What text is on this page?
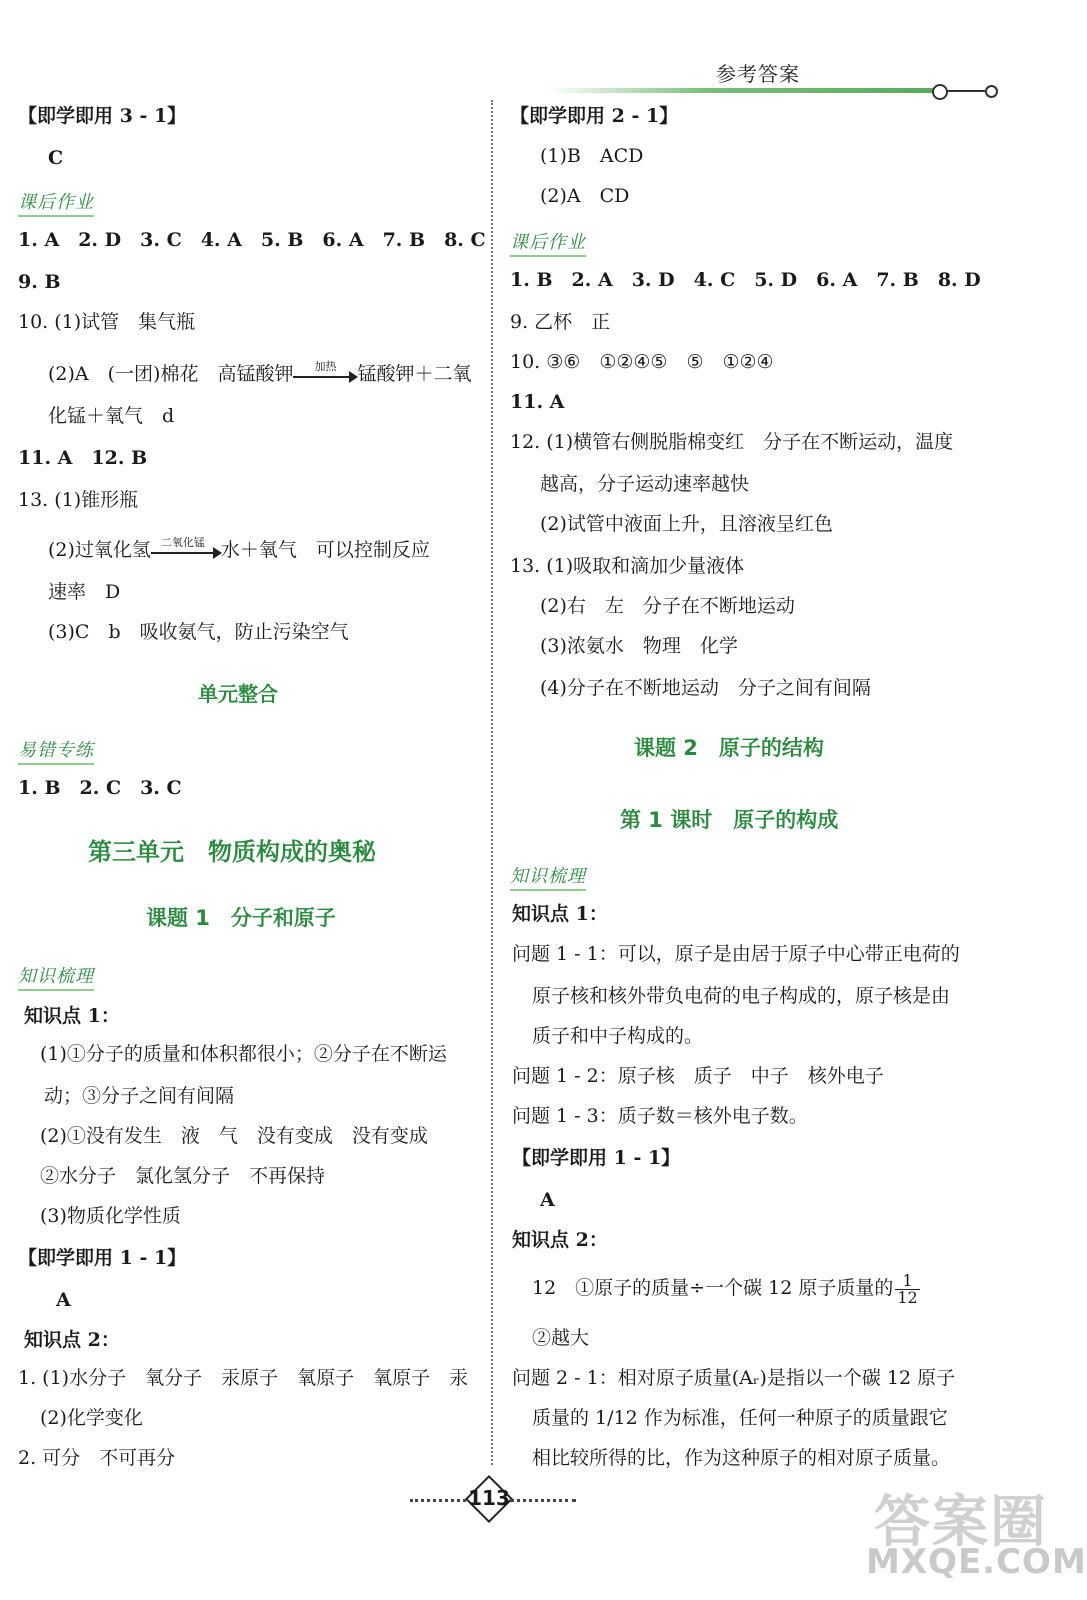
参考答案
【即学即用 3 - 1】
C
课后作业
1. A　2. D　3. C　4. A　5. B　6. A　7. B　8. C
9. B
10. (1)试管　集气瓶
(2)A　(一团)棉花　高锰酸钾	加热	锰酸钾＋二氧
化锰＋氧气　d
11. A　12. B
13. (1)锥形瓶
(2)过氧化氢 二氧化锰 水＋氧气　可以控制反应
速率　D
(3)C　b　吸收氨气，防止污染空气
单元整合
易错专练
1. B　2. C　3. C
第三单元　物质构成的奥秘
课题 1　分子和原子
知识梳理
知识点 1：
(1)①分子的质量和体积都很小；②分子在不断运
动；③分子之间有间隔
(2)①没有发生　液　气　没有变成　没有变成
②水分子　氯化氢分子　不再保持
(3)物质化学性质
【即学即用 1 - 1】
A
知识点 2：
1. (1)水分子　氧分子　汞原子　氧原子　氧原子　汞
(2)化学变化
2. 可分　不可再分
【即学即用 2 - 1】
(1)B　ACD
(2)A　CD
课后作业
1. B　2. A　3. D　4. C　5. D　6. A　7. B　8. D
9. 乙杯　正
10. ③⑥　①②④⑤　⑤　①②④
11. A
12. (1)横管右侧脱脂棉变红　分子在不断运动，温度
越高，分子运动速率越快
(2)试管中液面上升，且溶液呈红色
13. (1)吸取和滴加少量液体
(2)右　左　分子在不断地运动
(3)浓氨水　物理　化学
(4)分子在不断地运动　分子之间有间隔
课题 2　原子的结构
第 1 课时　原子的构成
知识梳理
知识点 1：
问题 1 - 1：可以，原子是由居于原子中心带正电荷的
原子核和核外带负电荷的电子构成的，原子核是由
质子和中子构成的。
问题 1 - 2：原子核　质子　中子　核外电子
问题 1 - 3：质子数＝核外电子数。
【即学即用 1 - 1】
A
知识点 2：
12　①原子的质量÷一个碳 12 原子质量的 $\frac{1}{12}$
②越大
问题 2 - 1：相对原子质量(Aᵣ)是指以一个碳 12 原子
质量的 1/12 作为标准，任何一种原子的质量跟它
相比较所得的比，作为这种原子的相对原子质量。
113	答案圈
MXQE.COM
